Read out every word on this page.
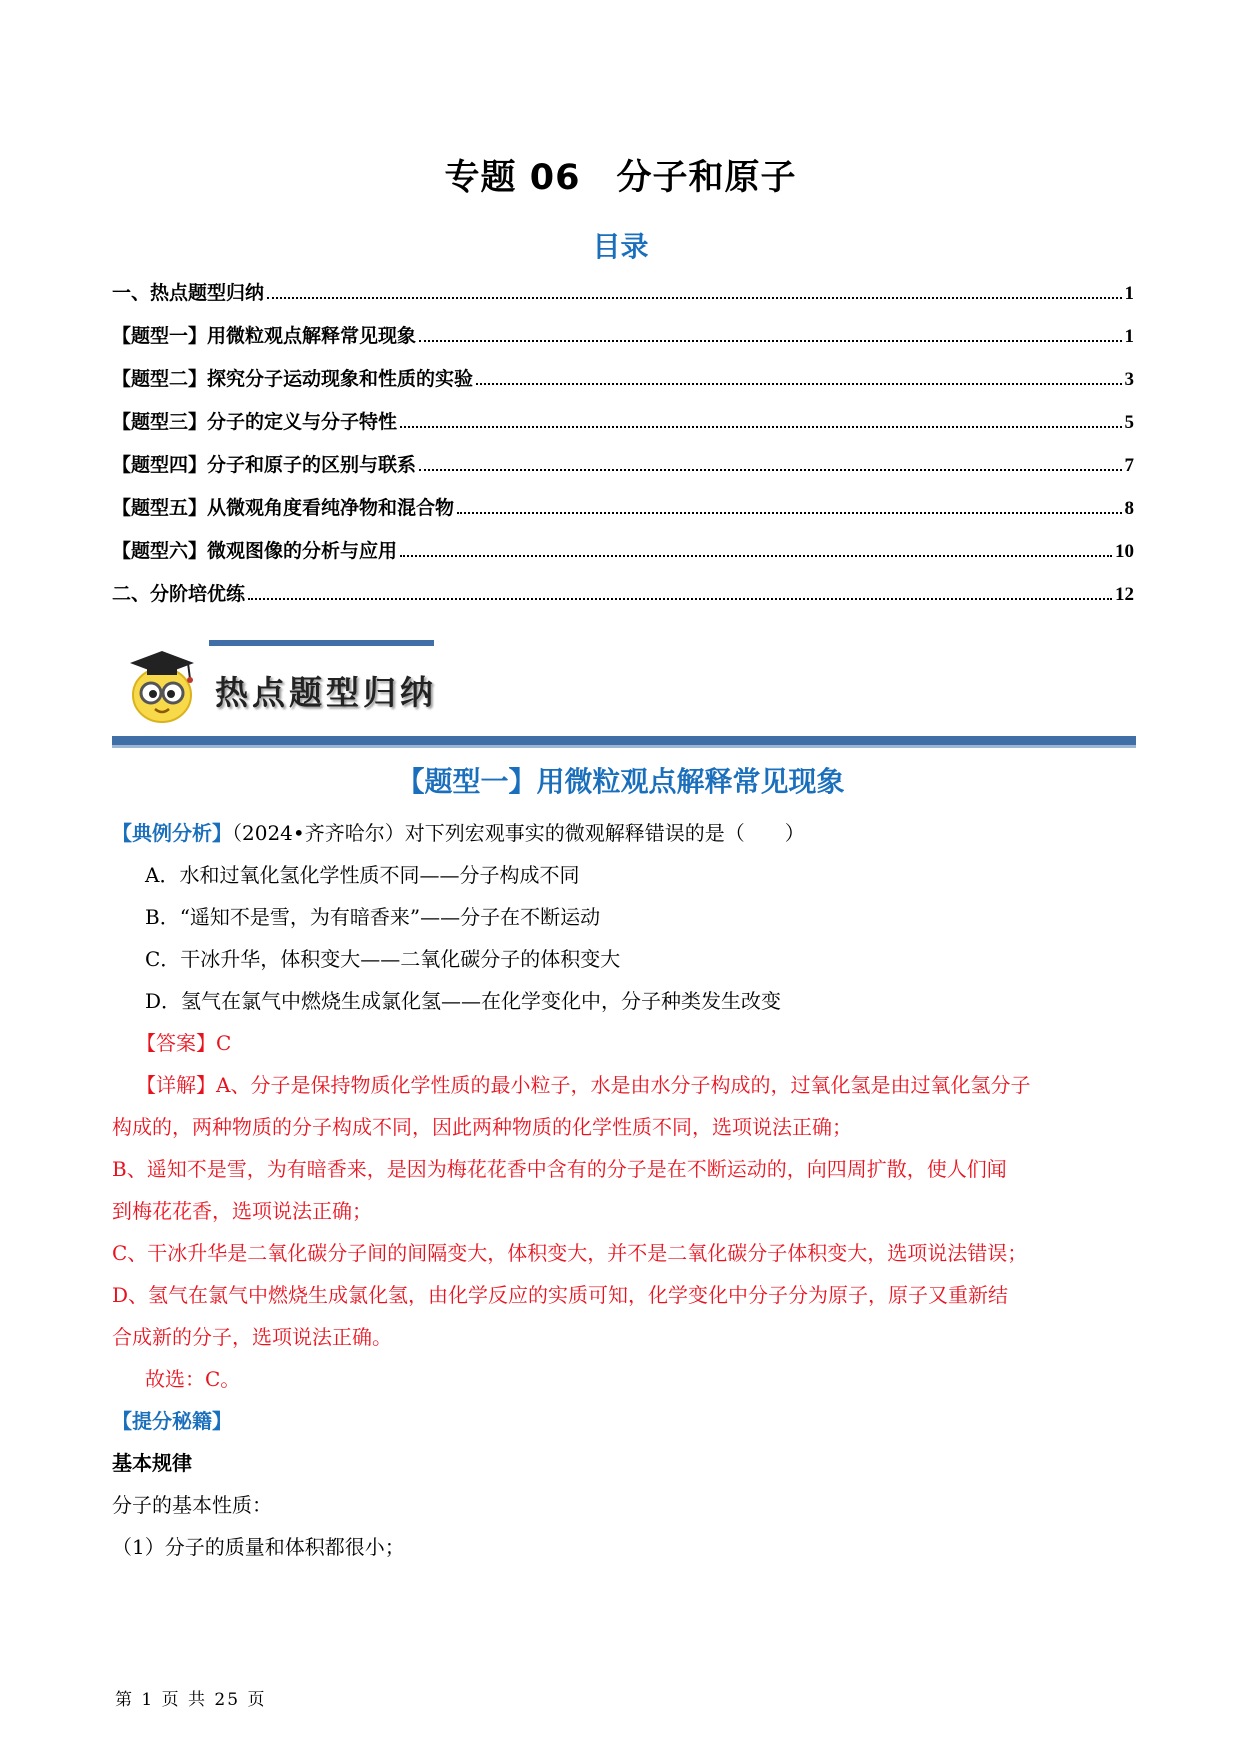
专题 06　分子和原子
目录
一、热点题型归纳	1
【题型一】用微粒观点解释常见现象	1
【题型二】探究分子运动现象和性质的实验	3
【题型三】分子的定义与分子特性	5
【题型四】分子和原子的区别与联系	7
【题型五】从微观角度看纯净物和混合物	8
【题型六】微观图像的分析与应用	10
二、分阶培优练	12
热点题型归纳
【题型一】用微粒观点解释常见现象
【典例分析】（2024•齐齐哈尔）对下列宏观事实的微观解释错误的是（　　）
A．水和过氧化氢化学性质不同——分子构成不同
B．“遥知不是雪，为有暗香来”——分子在不断运动
C．干冰升华，体积变大——二氧化碳分子的体积变大
D．氢气在氯气中燃烧生成氯化氢——在化学变化中，分子种类发生改变
【答案】C
【详解】A、分子是保持物质化学性质的最小粒子，水是由水分子构成的，过氧化氢是由过氧化氢分子
构成的，两种物质的分子构成不同，因此两种物质的化学性质不同，选项说法正确；
B、遥知不是雪，为有暗香来，是因为梅花花香中含有的分子是在不断运动的，向四周扩散，使人们闻
到梅花花香，选项说法正确；
C、干冰升华是二氧化碳分子间的间隔变大，体积变大，并不是二氧化碳分子体积变大，选项说法错误；
D、氢气在氯气中燃烧生成氯化氢，由化学反应的实质可知，化学变化中分子分为原子，原子又重新结
合成新的分子，选项说法正确。
故选：C。
【提分秘籍】
基本规律
分子的基本性质：
（1）分子的质量和体积都很小；
第 1 页 共 25 页
